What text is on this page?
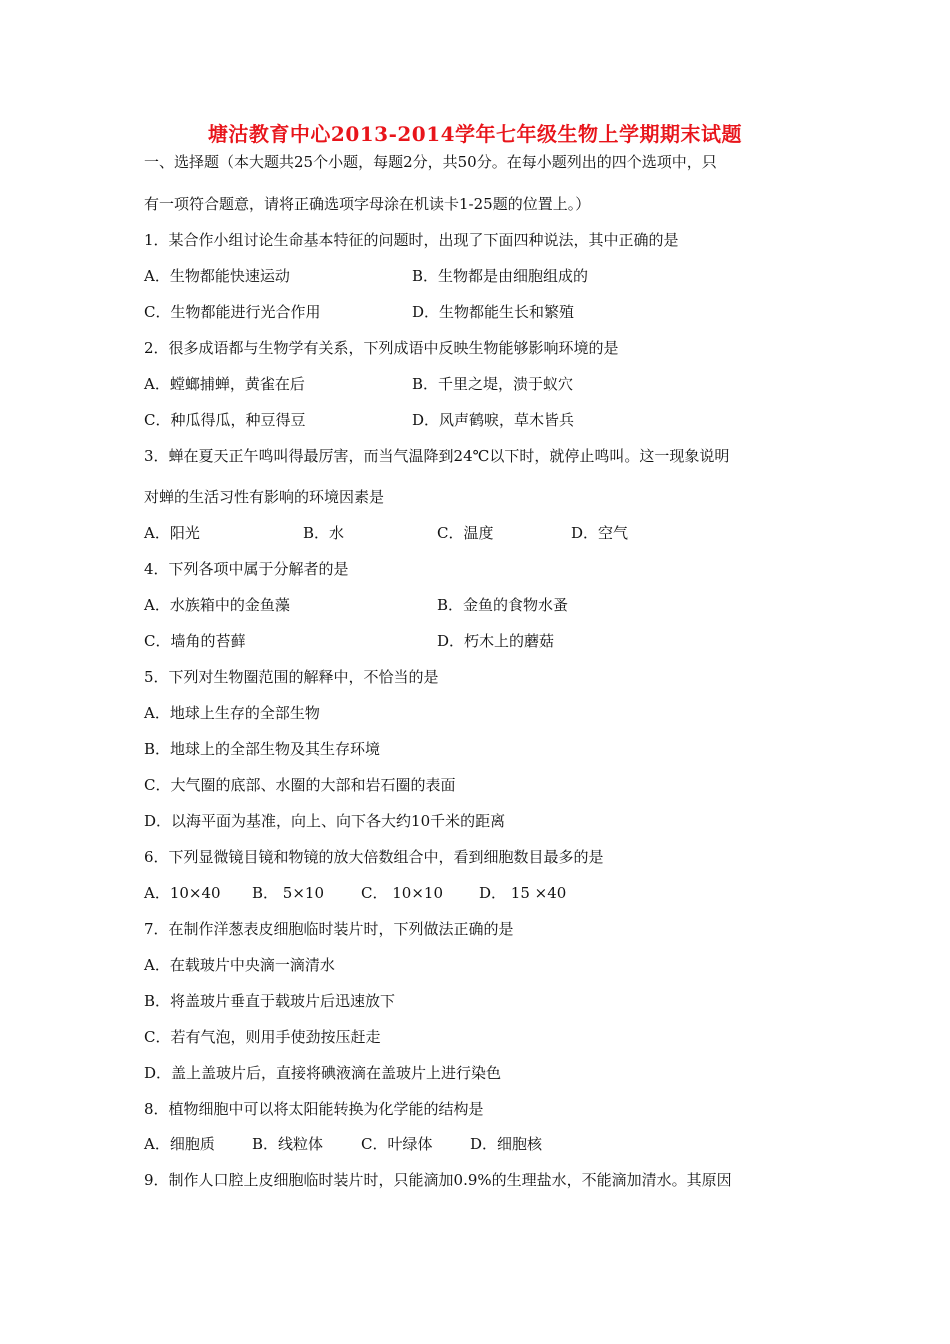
塘沽教育中心2013-2014学年七年级生物上学期期末试题
一、选择题（本大题共25个小题，每题2分，共50分。在每小题列出的四个选项中，只
有一项符合题意，请将正确选项字母涂在机读卡1-25题的位置上。）
1．某合作小组讨论生命基本特征的问题时，出现了下面四种说法，其中正确的是
A．生物都能快速运动	B．生物都是由细胞组成的
C．生物都能进行光合作用	D．生物都能生长和繁殖
2．很多成语都与生物学有关系，下列成语中反映生物能够影响环境的是
A．螳螂捕蝉，黄雀在后	B．千里之堤，溃于蚁穴
C．种瓜得瓜，种豆得豆	D．风声鹤唳，草木皆兵
3．蝉在夏天正午鸣叫得最厉害，而当气温降到24℃以下时，就停止鸣叫。这一现象说明
对蝉的生活习性有影响的环境因素是
A．阳光	B．水	C．温度	D．空气
4．下列各项中属于分解者的是
A．水族箱中的金鱼藻	B．金鱼的食物水蚤
C．墙角的苔藓	D．朽木上的蘑菇
5．下列对生物圈范围的解释中，不恰当的是
A．地球上生存的全部生物
B．地球上的全部生物及其生存环境
C．大气圈的底部、水圈的大部和岩石圈的表面
D．以海平面为基准，向上、向下各大约10千米的距离
6．下列显微镜目镜和物镜的放大倍数组合中，看到细胞数目最多的是
A．10×40 B． 5×10 C． 10×10 D． 15 ×40
7．在制作洋葱表皮细胞临时装片时，下列做法正确的是
A．在载玻片中央滴一滴清水
B．将盖玻片垂直于载玻片后迅速放下
C．若有气泡，则用手使劲按压赶走
D．盖上盖玻片后，直接将碘液滴在盖玻片上进行染色
8．植物细胞中可以将太阳能转换为化学能的结构是
A．细胞质 B．线粒体	C．叶绿体	D．细胞核
9．制作人口腔上皮细胞临时装片时，只能滴加0.9%的生理盐水，不能滴加清水。其原因
